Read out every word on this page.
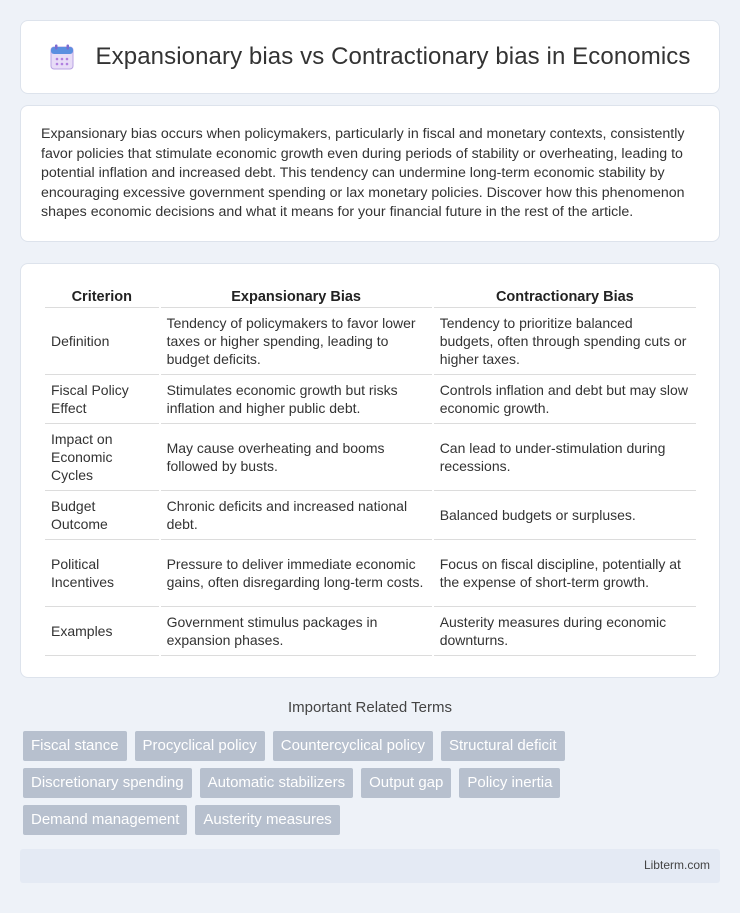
Expansionary bias vs Contractionary bias in Economics

Expansionary bias occurs when policymakers, particularly in fiscal and monetary contexts, consistently favor policies that stimulate economic growth even during periods of stability or overheating, leading to potential inflation and increased debt. This tendency can undermine long-term economic stability by encouraging excessive government spending or lax monetary policies. Discover how this phenomenon shapes economic decisions and what it means for your financial future in the rest of the article.

Criterion	Expansionary Bias	Contractionary Bias
Definition	Tendency of policymakers to favor lower taxes or higher spending, leading to budget deficits.	Tendency to prioritize balanced budgets, often through spending cuts or higher taxes.
Fiscal Policy Effect	Stimulates economic growth but risks inflation and higher public debt.	Controls inflation and debt but may slow economic growth.
Impact on Economic Cycles	May cause overheating and booms followed by busts.	Can lead to under-stimulation during recessions.
Budget Outcome	Chronic deficits and increased national debt.	Balanced budgets or surpluses.
Political Incentives	Pressure to deliver immediate economic gains, often disregarding long-term costs.	Focus on fiscal discipline, potentially at the expense of short-term growth.
Examples	Government stimulus packages in expansion phases.	Austerity measures during economic downturns.
Important Related Terms
Fiscal stance	Procyclical policy	Countercyclical policy	Structural deficit
Discretionary spending	Automatic stabilizers	Output gap	Policy inertia
Demand management	Austerity measures
Libterm.com
